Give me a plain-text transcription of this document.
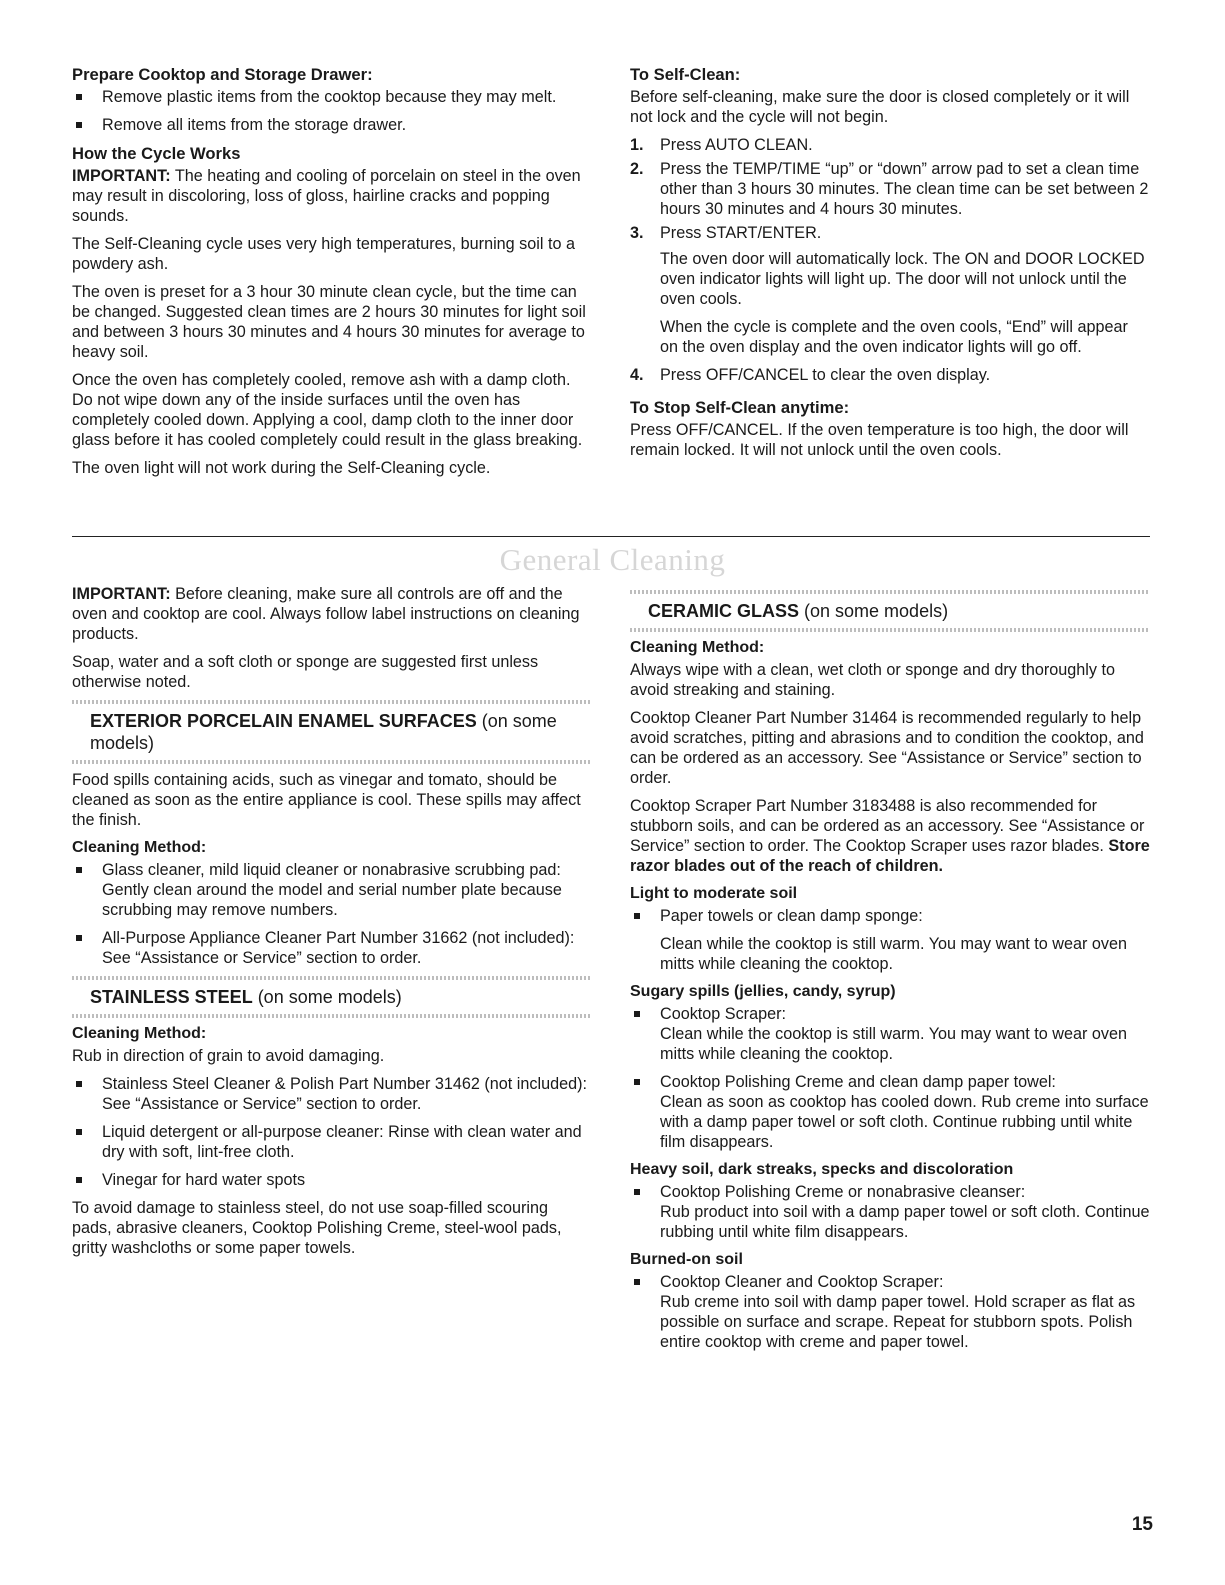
Prepare Cooktop and Storage Drawer:
Remove plastic items from the cooktop because they may melt.
Remove all items from the storage drawer.
How the Cycle Works

IMPORTANT: The heating and cooling of porcelain on steel in the oven may result in discoloring, loss of gloss, hairline cracks and popping sounds.

The Self-Cleaning cycle uses very high temperatures, burning soil to a powdery ash.

The oven is preset for a 3 hour 30 minute clean cycle, but the time can be changed. Suggested clean times are 2 hours 30 minutes for light soil and between 3 hours 30 minutes and 4 hours 30 minutes for average to heavy soil.

Once the oven has completely cooled, remove ash with a damp cloth. Do not wipe down any of the inside surfaces until the oven has completely cooled down. Applying a cool, damp cloth to the inner door glass before it has cooled completely could result in the glass breaking.

The oven light will not work during the Self-Cleaning cycle.

To Self-Clean:

Before self-cleaning, make sure the door is closed completely or it will not lock and the cycle will not begin.

1. Press AUTO CLEAN.
2. Press the TEMP/TIME “up” or “down” arrow pad to set a clean time other than 3 hours 30 minutes. The clean time can be set between 2 hours 30 minutes and 4 hours 30 minutes.
3. Press START/ENTER.

The oven door will automatically lock. The ON and DOOR LOCKED oven indicator lights will light up. The door will not unlock until the oven cools.

When the cycle is complete and the oven cools, “End” will appear on the oven display and the oven indicator lights will go off.

4. Press OFF/CANCEL to clear the oven display.
To Stop Self-Clean anytime:

Press OFF/CANCEL. If the oven temperature is too high, the door will remain locked. It will not unlock until the oven cools.

General Cleaning

IMPORTANT: Before cleaning, make sure all controls are off and the oven and cooktop are cool. Always follow label instructions on cleaning products.

Soap, water and a soft cloth or sponge are suggested first unless otherwise noted.

EXTERIOR PORCELAIN ENAMEL SURFACES (on some models)

Food spills containing acids, such as vinegar and tomato, should be cleaned as soon as the entire appliance is cool. These spills may affect the finish.

Cleaning Method:
Glass cleaner, mild liquid cleaner or nonabrasive scrubbing pad:
Gently clean around the model and serial number plate because scrubbing may remove numbers.
All-Purpose Appliance Cleaner Part Number 31662 (not included):
See “Assistance or Service” section to order.
STAINLESS STEEL (on some models)
Cleaning Method:

Rub in direction of grain to avoid damaging.

Stainless Steel Cleaner & Polish Part Number 31462 (not included): See “Assistance or Service” section to order.
Liquid detergent or all-purpose cleaner: Rinse with clean water and dry with soft, lint-free cloth.
Vinegar for hard water spots

To avoid damage to stainless steel, do not use soap-filled scouring pads, abrasive cleaners, Cooktop Polishing Creme, steel-wool pads, gritty washcloths or some paper towels.

CERAMIC GLASS (on some models)
Cleaning Method:

Always wipe with a clean, wet cloth or sponge and dry thoroughly to avoid streaking and staining.

Cooktop Cleaner Part Number 31464 is recommended regularly to help avoid scratches, pitting and abrasions and to condition the cooktop, and can be ordered as an accessory. See “Assistance or Service” section to order.

Cooktop Scraper Part Number 3183488 is also recommended for stubborn soils, and can be ordered as an accessory. See “Assistance or Service” section to order. The Cooktop Scraper uses razor blades. Store razor blades out of the reach of children.

Light to moderate soil
Paper towels or clean damp sponge:

Clean while the cooktop is still warm. You may want to wear oven mitts while cleaning the cooktop.

Sugary spills (jellies, candy, syrup)
Cooktop Scraper:
Clean while the cooktop is still warm. You may want to wear oven mitts while cleaning the cooktop.
Cooktop Polishing Creme and clean damp paper towel:
Clean as soon as cooktop has cooled down. Rub creme into surface with a damp paper towel or soft cloth. Continue rubbing until white film disappears.
Heavy soil, dark streaks, specks and discoloration
Cooktop Polishing Creme or nonabrasive cleanser:
Rub product into soil with a damp paper towel or soft cloth. Continue rubbing until white film disappears.
Burned-on soil
Cooktop Cleaner and Cooktop Scraper:
Rub creme into soil with damp paper towel. Hold scraper as flat as possible on surface and scrape. Repeat for stubborn spots. Polish entire cooktop with creme and paper towel.
15
